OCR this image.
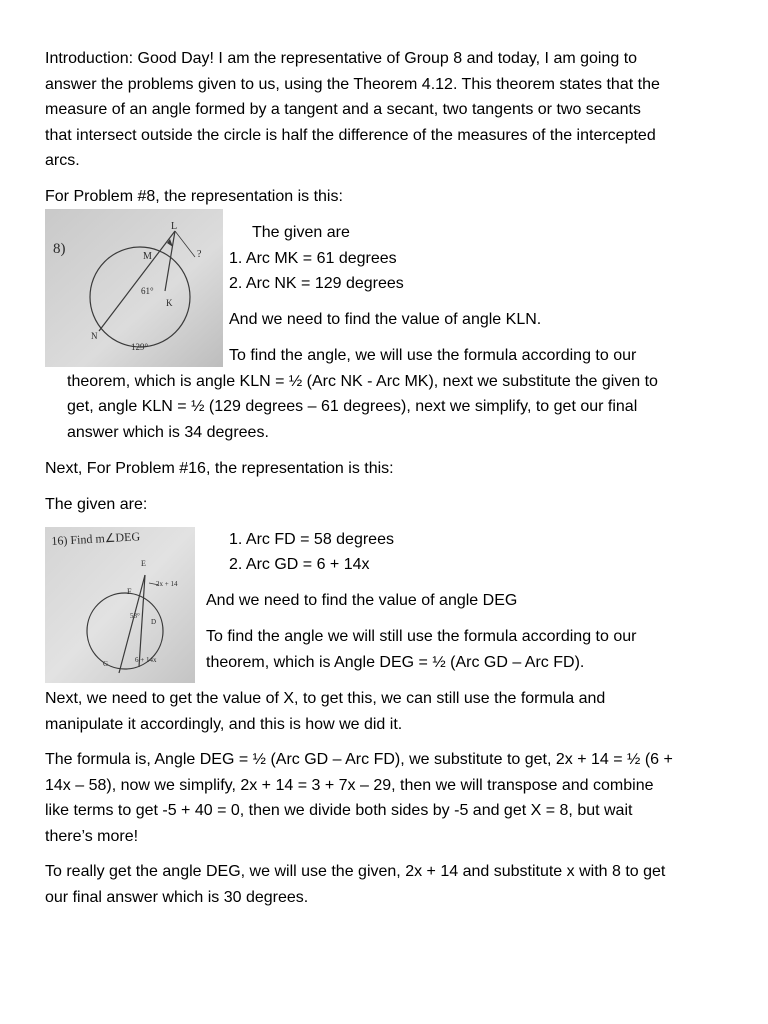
Introduction: Good Day! I am the representative of Group 8 and today, I am going to
answer the problems given to us, using the Theorem 4.12. This theorem states that the
measure of an angle formed by a tangent and a secant, two tangents or two secants
that intersect outside the circle is half the difference of the measures of the intercepted
arcs.

For Problem #8, the representation is this:

8)
L
M	?
61°
K
N
129°

The given are

1. Arc MK = 61 degrees

2. Arc NK = 129 degrees

And we need to find the value of angle KLN.

To find the angle, we will use the formula according to our

theorem, which is angle KLN = ½ (Arc NK - Arc MK), next we substitute the given to

get, angle KLN = ½ (129 degrees – 61 degrees), next we simplify, to get our final

answer which is 34 degrees.

Next, For Problem #16, the representation is this:

The given are:

16) Find m∠DEG
E
2x + 14
F
58°
D
G	6 + 14x

1. Arc FD = 58 degrees

2. Arc GD = 6 + 14x

And we need to find the value of angle DEG

To find the angle we will still use the formula according to our

theorem, which is Angle DEG = ½ (Arc GD – Arc FD).

Next, we need to get the value of X, to get this, we can still use the formula and
manipulate it accordingly, and this is how we did it.
The formula is, Angle DEG = ½ (Arc GD – Arc FD), we substitute to get, 2x + 14 = ½ (6 +
14x – 58), now we simplify, 2x + 14 = 3 + 7x – 29, then we will transpose and combine
like terms to get -5 + 40 = 0, then we divide both sides by -5 and get X = 8, but wait
there’s more!
To really get the angle DEG, we will use the given, 2x + 14 and substitute x with 8 to get
our final answer which is 30 degrees.
